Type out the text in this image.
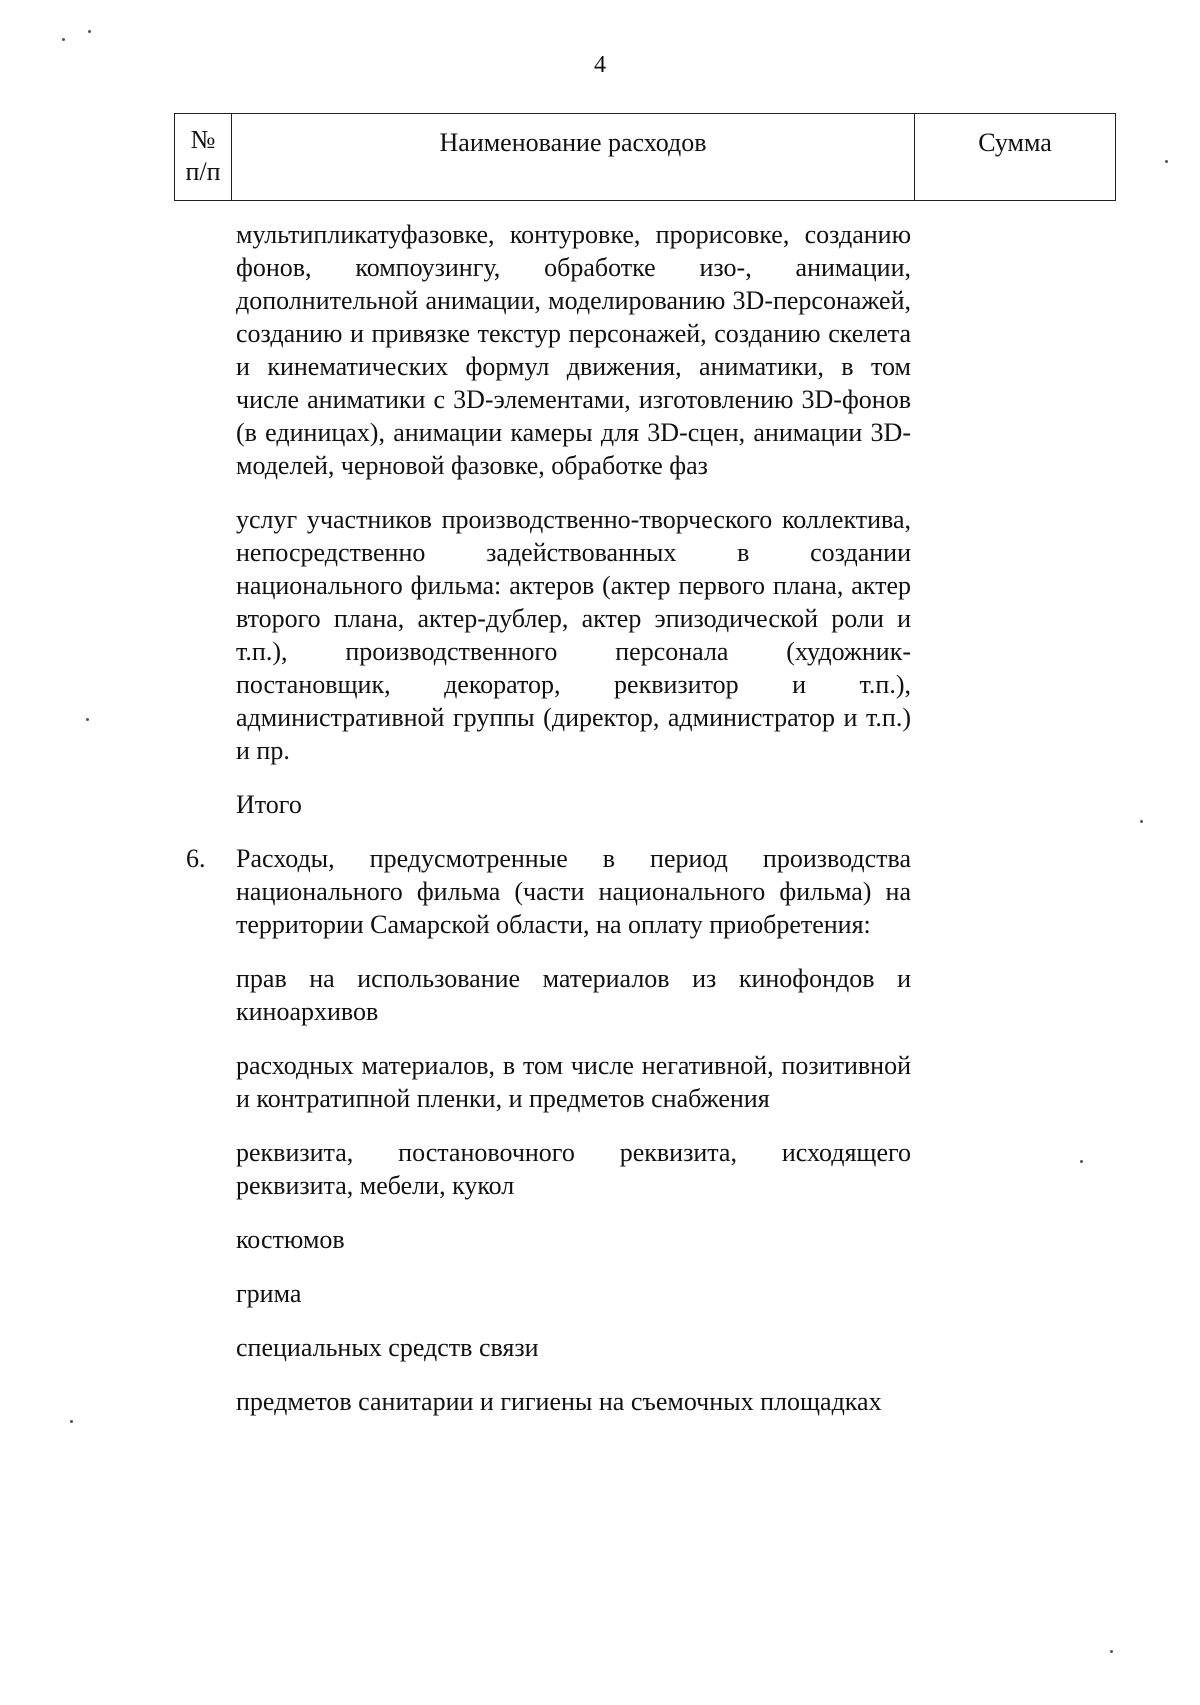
4
№
п/п
	Наименование расходов	Сумма

мультипликатуфазовке, контуровке, прорисовке, созданию фонов, компоузингу, обработке изо-, анимации, дополнительной анимации, моделированию 3D-персонажей, созданию и привязке текстур персонажей, созданию скелета и кинематических формул движения, аниматики, в том числе аниматики с 3D-элементами, изготовлению 3D-фонов (в единицах), анимации камеры для 3D-сцен, анимации 3D-моделей, черновой фазовке, обработке фаз

услуг участников производственно-творческого коллектива, непосредственно задействованных в создании национального фильма: актеров (актер первого плана, актер второго плана, актер-дублер, актер эпизодической роли и т.п.), производственного персонала (художник-постановщик, декоратор, реквизитор и т.п.), административной группы (директор, администратор и т.п.) и пр.

Итого

6. Расходы, предусмотренные в период производства национального фильма (части национального фильма) на территории Самарской области, на оплату приобретения:

прав на использование материалов из кинофондов и киноархивов

расходных материалов, в том числе негативной, позитивной и контратипной пленки, и предметов снабжения

реквизита, постановочного реквизита, исходящего реквизита, мебели, кукол

костюмов

грима

специальных средств связи

предметов санитарии и гигиены на съемочных площадках
